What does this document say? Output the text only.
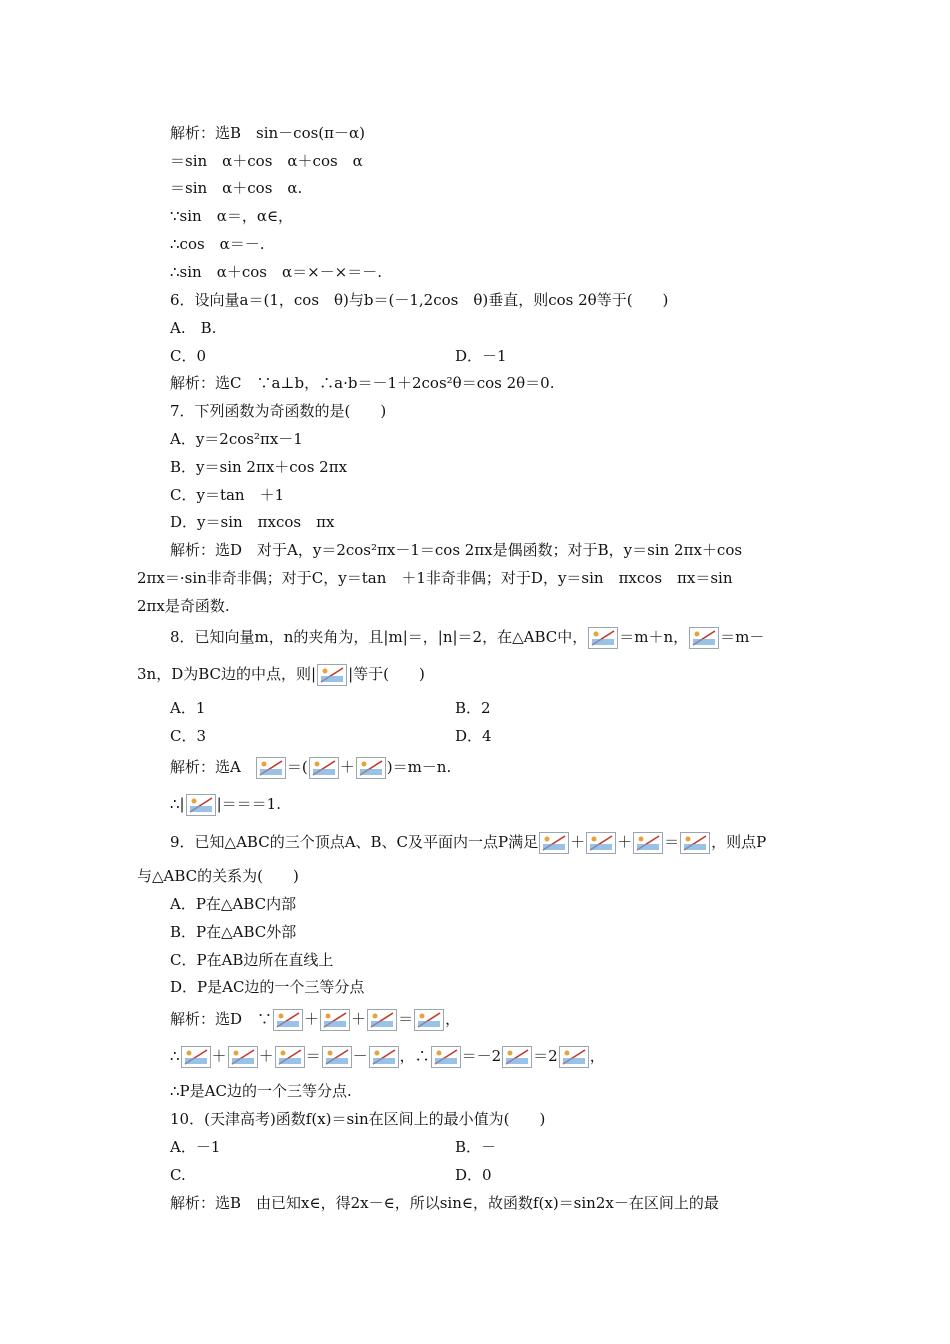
解析：选B　sin－cos(π－α)
＝sin　α＋cos　α＋cos　α
＝sin　α＋cos　α.
∵sin　α＝，α∈，
∴cos　α＝－.
∴sin　α＋cos　α＝×－×＝－.
6．设向量a＝(1，cos　θ)与b＝(－1,2cos　θ)垂直，则cos 2θ等于(　　)
A.　B.
C．0	D．－1
解析：选C　∵a⊥b，∴a·b＝－1＋2cos²θ＝cos 2θ＝0.
7．下列函数为奇函数的是(　　)
A．y＝2cos²πx－1
B．y＝sin 2πx＋cos 2πx
C．y＝tan　＋1
D．y＝sin　πxcos　πx
解析：选D　对于A，y＝2cos²πx－1＝cos 2πx是偶函数；对于B，y＝sin 2πx＋cos
2πx＝·sin非奇非偶；对于C，y＝tan　＋1非奇非偶；对于D，y＝sin　πxcos　πx＝sin
2πx是奇函数.
8．已知向量m，n的夹角为，且|m|＝，|n|＝2，在△ABC中， ＝m＋n， ＝m－
3n，D为BC边的中点，则| |等于(　　)
A．1	B．2
C．3	D．4
解析：选A	＝( ＋ )＝m－n.
∴| |＝＝＝1.
9．已知△ABC的三个顶点A、B、C及平面内一点P满足 ＋ ＋ ＝ ，则点P
与△ABC的关系为(　　)
A．P在△ABC内部
B．P在△ABC外部
C．P在AB边所在直线上
D．P是AC边的一个三等分点
解析：选D　∵ ＋ ＋ ＝ ，
∴ ＋ ＋ ＝ － ，∴ ＝－2 ＝2 ，
∴P是AC边的一个三等分点.
10．(天津高考)函数f(x)＝sin在区间上的最小值为(　　)
A．－1	B．－
C.	D．0
解析：选B　由已知x∈，得2x－∈，所以sin∈，故函数f(x)＝sin2x－在区间上的最
